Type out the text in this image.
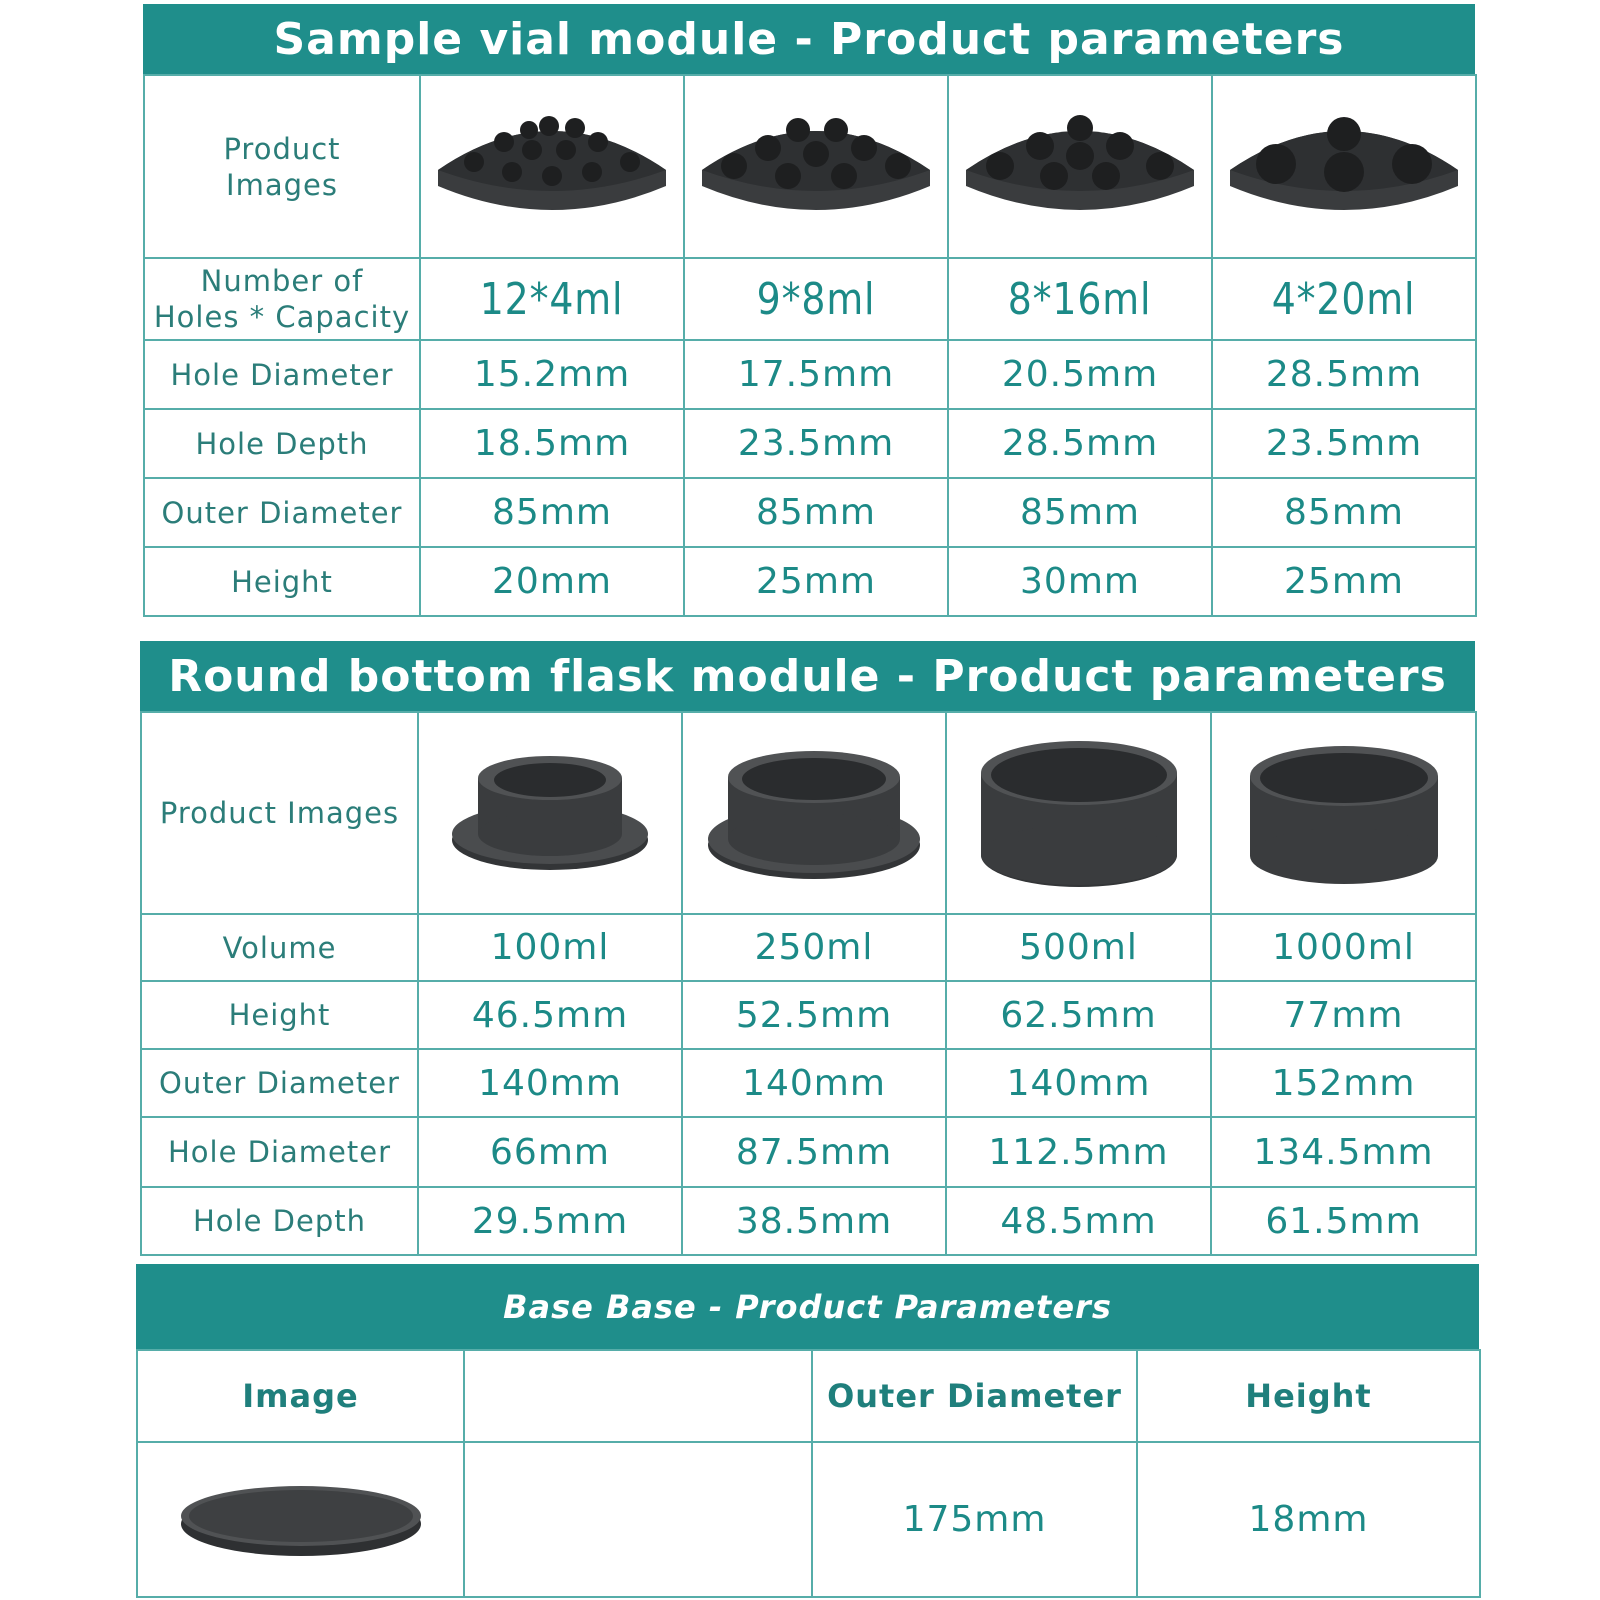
Sample vial module - Product parameters
Product
Images

Number of
Holes * Capacity	12*4ml	9*8ml	8*16ml	4*20ml
Hole Diameter	15.2mm	17.5mm	20.5mm	28.5mm
Hole Depth	18.5mm	23.5mm	28.5mm	23.5mm
Outer Diameter	85mm	85mm	85mm	85mm
Height	20mm	25mm	30mm	25mm
Round bottom flask module - Product parameters
Product Images	

Volume	100ml	250ml	500ml	1000ml
Height	46.5mm	52.5mm	62.5mm	77mm
Outer Diameter	140mm	140mm	140mm	152mm
Hole Diameter	66mm	87.5mm	112.5mm	134.5mm
Hole Depth	29.5mm	38.5mm	48.5mm	61.5mm
Base Base - Product Parameters
Image		Outer Diameter	Height

		175mm	18mm
